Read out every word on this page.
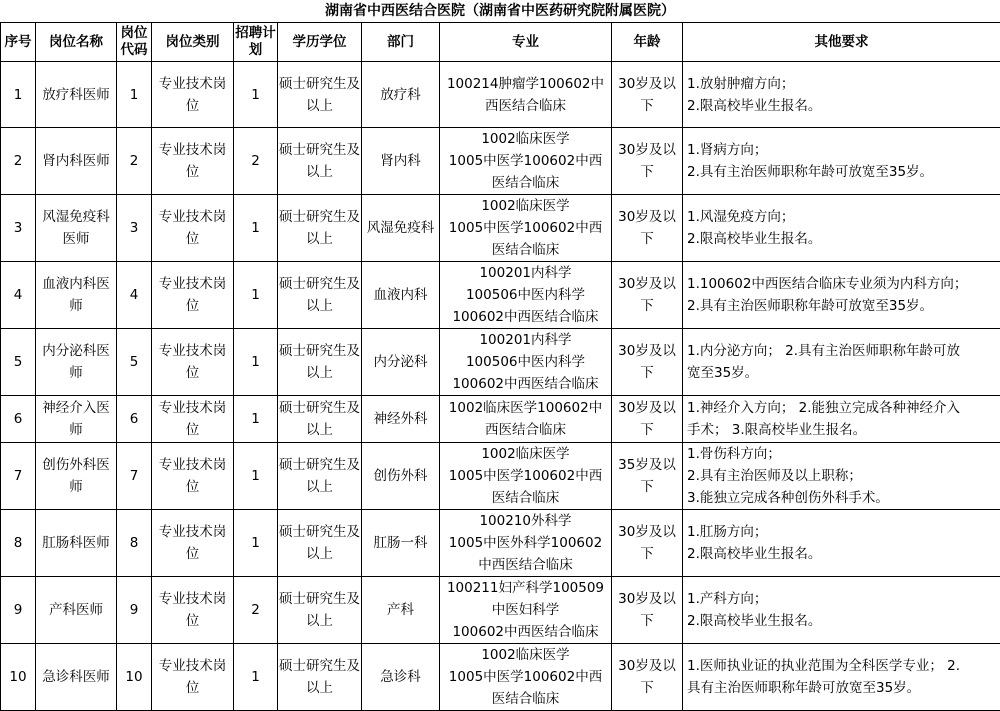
湖南省中西医结合医院（湖南省中医药研究院附属医院）
序号	岗位名称	岗位代码	岗位类别	招聘计划	学历学位	部门	专业	年龄	其他要求
1	放疗科医师	1	专业技术岗位	1	硕士研究生及以上	放疗科	100214肿瘤学100602中
西医结合临床	30岁及以下	1.放射肿瘤方向；
2.限高校毕业生报名。

2	肾内科医师	2	专业技术岗位	2	硕士研究生及以上	肾内科	1002临床医学
1005中医学100602中西
医结合临床	30岁及以下	1.肾病方向；
2.具有主治医师职称年龄可放宽至35岁。

3	风湿免疫科医师	3	专业技术岗位	1	硕士研究生及以上	风湿免疫科	1002临床医学
1005中医学100602中西
医结合临床	30岁及以下	1.风湿免疫方向；
2.限高校毕业生报名。

4	血液内科医师	4	专业技术岗位	1	硕士研究生及以上	血液内科	100201内科学
100506中医内科学
100602中西医结合临床	30岁及以下	1.100602中西医结合临床专业须为内科方向；
2.具有主治医师职称年龄可放宽至35岁。

5	内分泌科医师	5	专业技术岗位	1	硕士研究生及以上	内分泌科	100201内科学
100506中医内科学
100602中西医结合临床	30岁及以下	1.内分泌方向； 2.具有主治医师职称年龄可放
宽至35岁。

6	神经介入医师	6	专业技术岗位	1	硕士研究生及以上	神经外科	1002临床医学100602中
西医结合临床	30岁及以下	1.神经介入方向； 2.能独立完成各种神经介入
手术； 3.限高校毕业生报名。

7	创伤外科医师	7	专业技术岗位	1	硕士研究生及以上	创伤外科	1002临床医学
1005中医学100602中西
医结合临床	35岁及以下	1.骨伤科方向；
2.具有主治医师及以上职称；
3.能独立完成各种创伤外科手术。

8	肛肠科医师	8	专业技术岗位	1	硕士研究生及以上	肛肠一科	100210外科学
1005中医外科学100602
中西医结合临床	30岁及以下	1.肛肠方向；
2.限高校毕业生报名。

9	产科医师	9	专业技术岗位	2	硕士研究生及以上	产科	100211妇产科学100509
中医妇科学
100602中西医结合临床	30岁及以下	1.产科方向；
2.限高校毕业生报名。

10	急诊科医师	10	专业技术岗位	1	硕士研究生及以上	急诊科	1002临床医学
1005中医学100602中西
医结合临床	30岁及以下	1.医师执业证的执业范围为全科医学专业； 2.
具有主治医师职称年龄可放宽至35岁。
